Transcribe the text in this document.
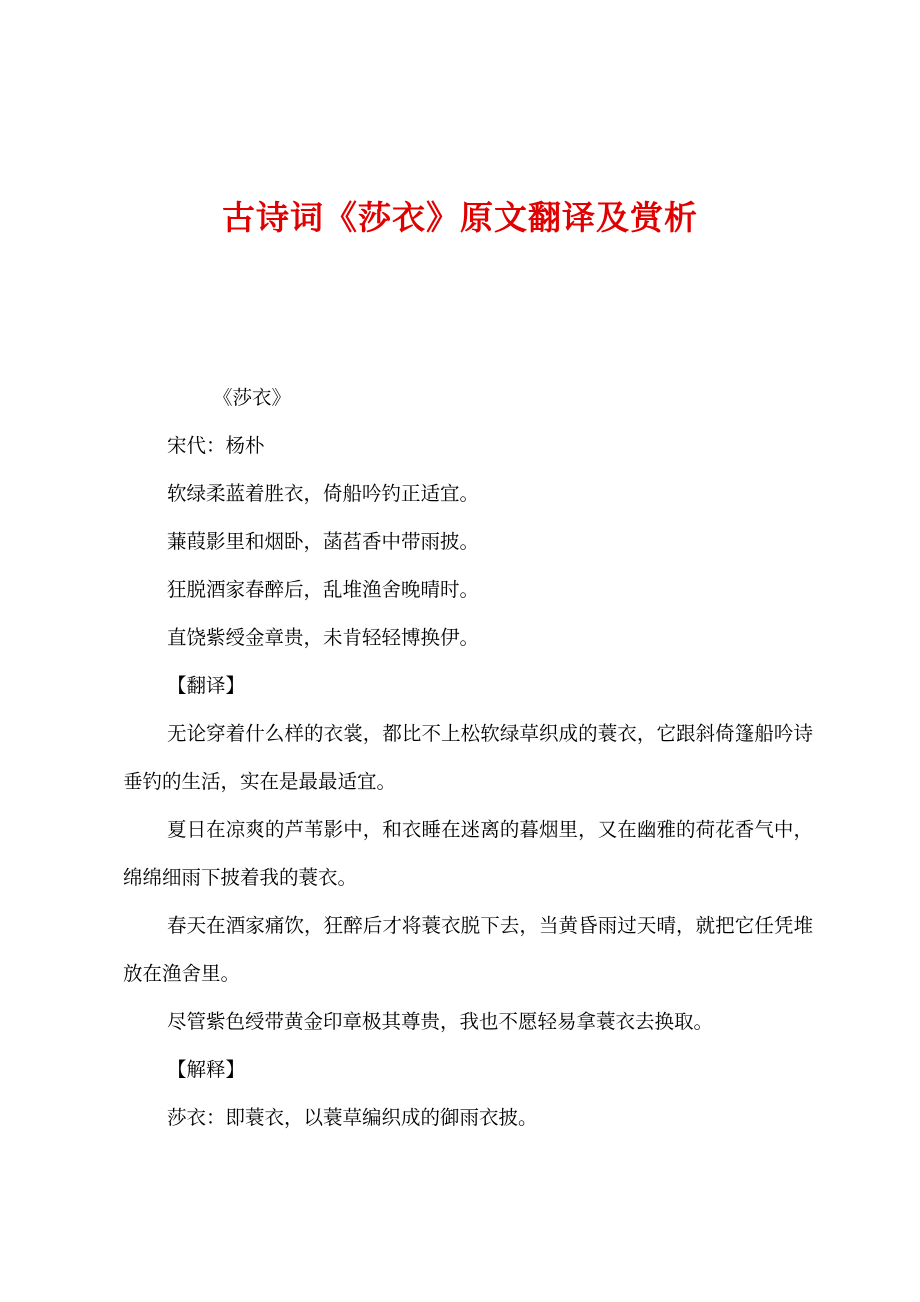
古诗词《莎衣》原文翻译及赏析

《莎衣》

宋代：杨朴

软绿柔蓝着胜衣，倚船吟钓正适宜。

蒹葭影里和烟卧，菡萏香中带雨披。

狂脱酒家春醉后，乱堆渔舍晚晴时。

直饶紫绶金章贵，未肯轻轻博换伊。

【翻译】

无论穿着什么样的衣裳，都比不上松软绿草织成的蓑衣，它跟斜倚篷船吟诗垂钓的生活，实在是最最适宜。

夏日在凉爽的芦苇影中，和衣睡在迷离的暮烟里，又在幽雅的荷花香气中，绵绵细雨下披着我的蓑衣。

春天在酒家痛饮，狂醉后才将蓑衣脱下去，当黄昏雨过天晴，就把它任凭堆放在渔舍里。

尽管紫色绶带黄金印章极其尊贵，我也不愿轻易拿蓑衣去换取。

【解释】

莎衣：即蓑衣，以蓑草编织成的御雨衣披。
